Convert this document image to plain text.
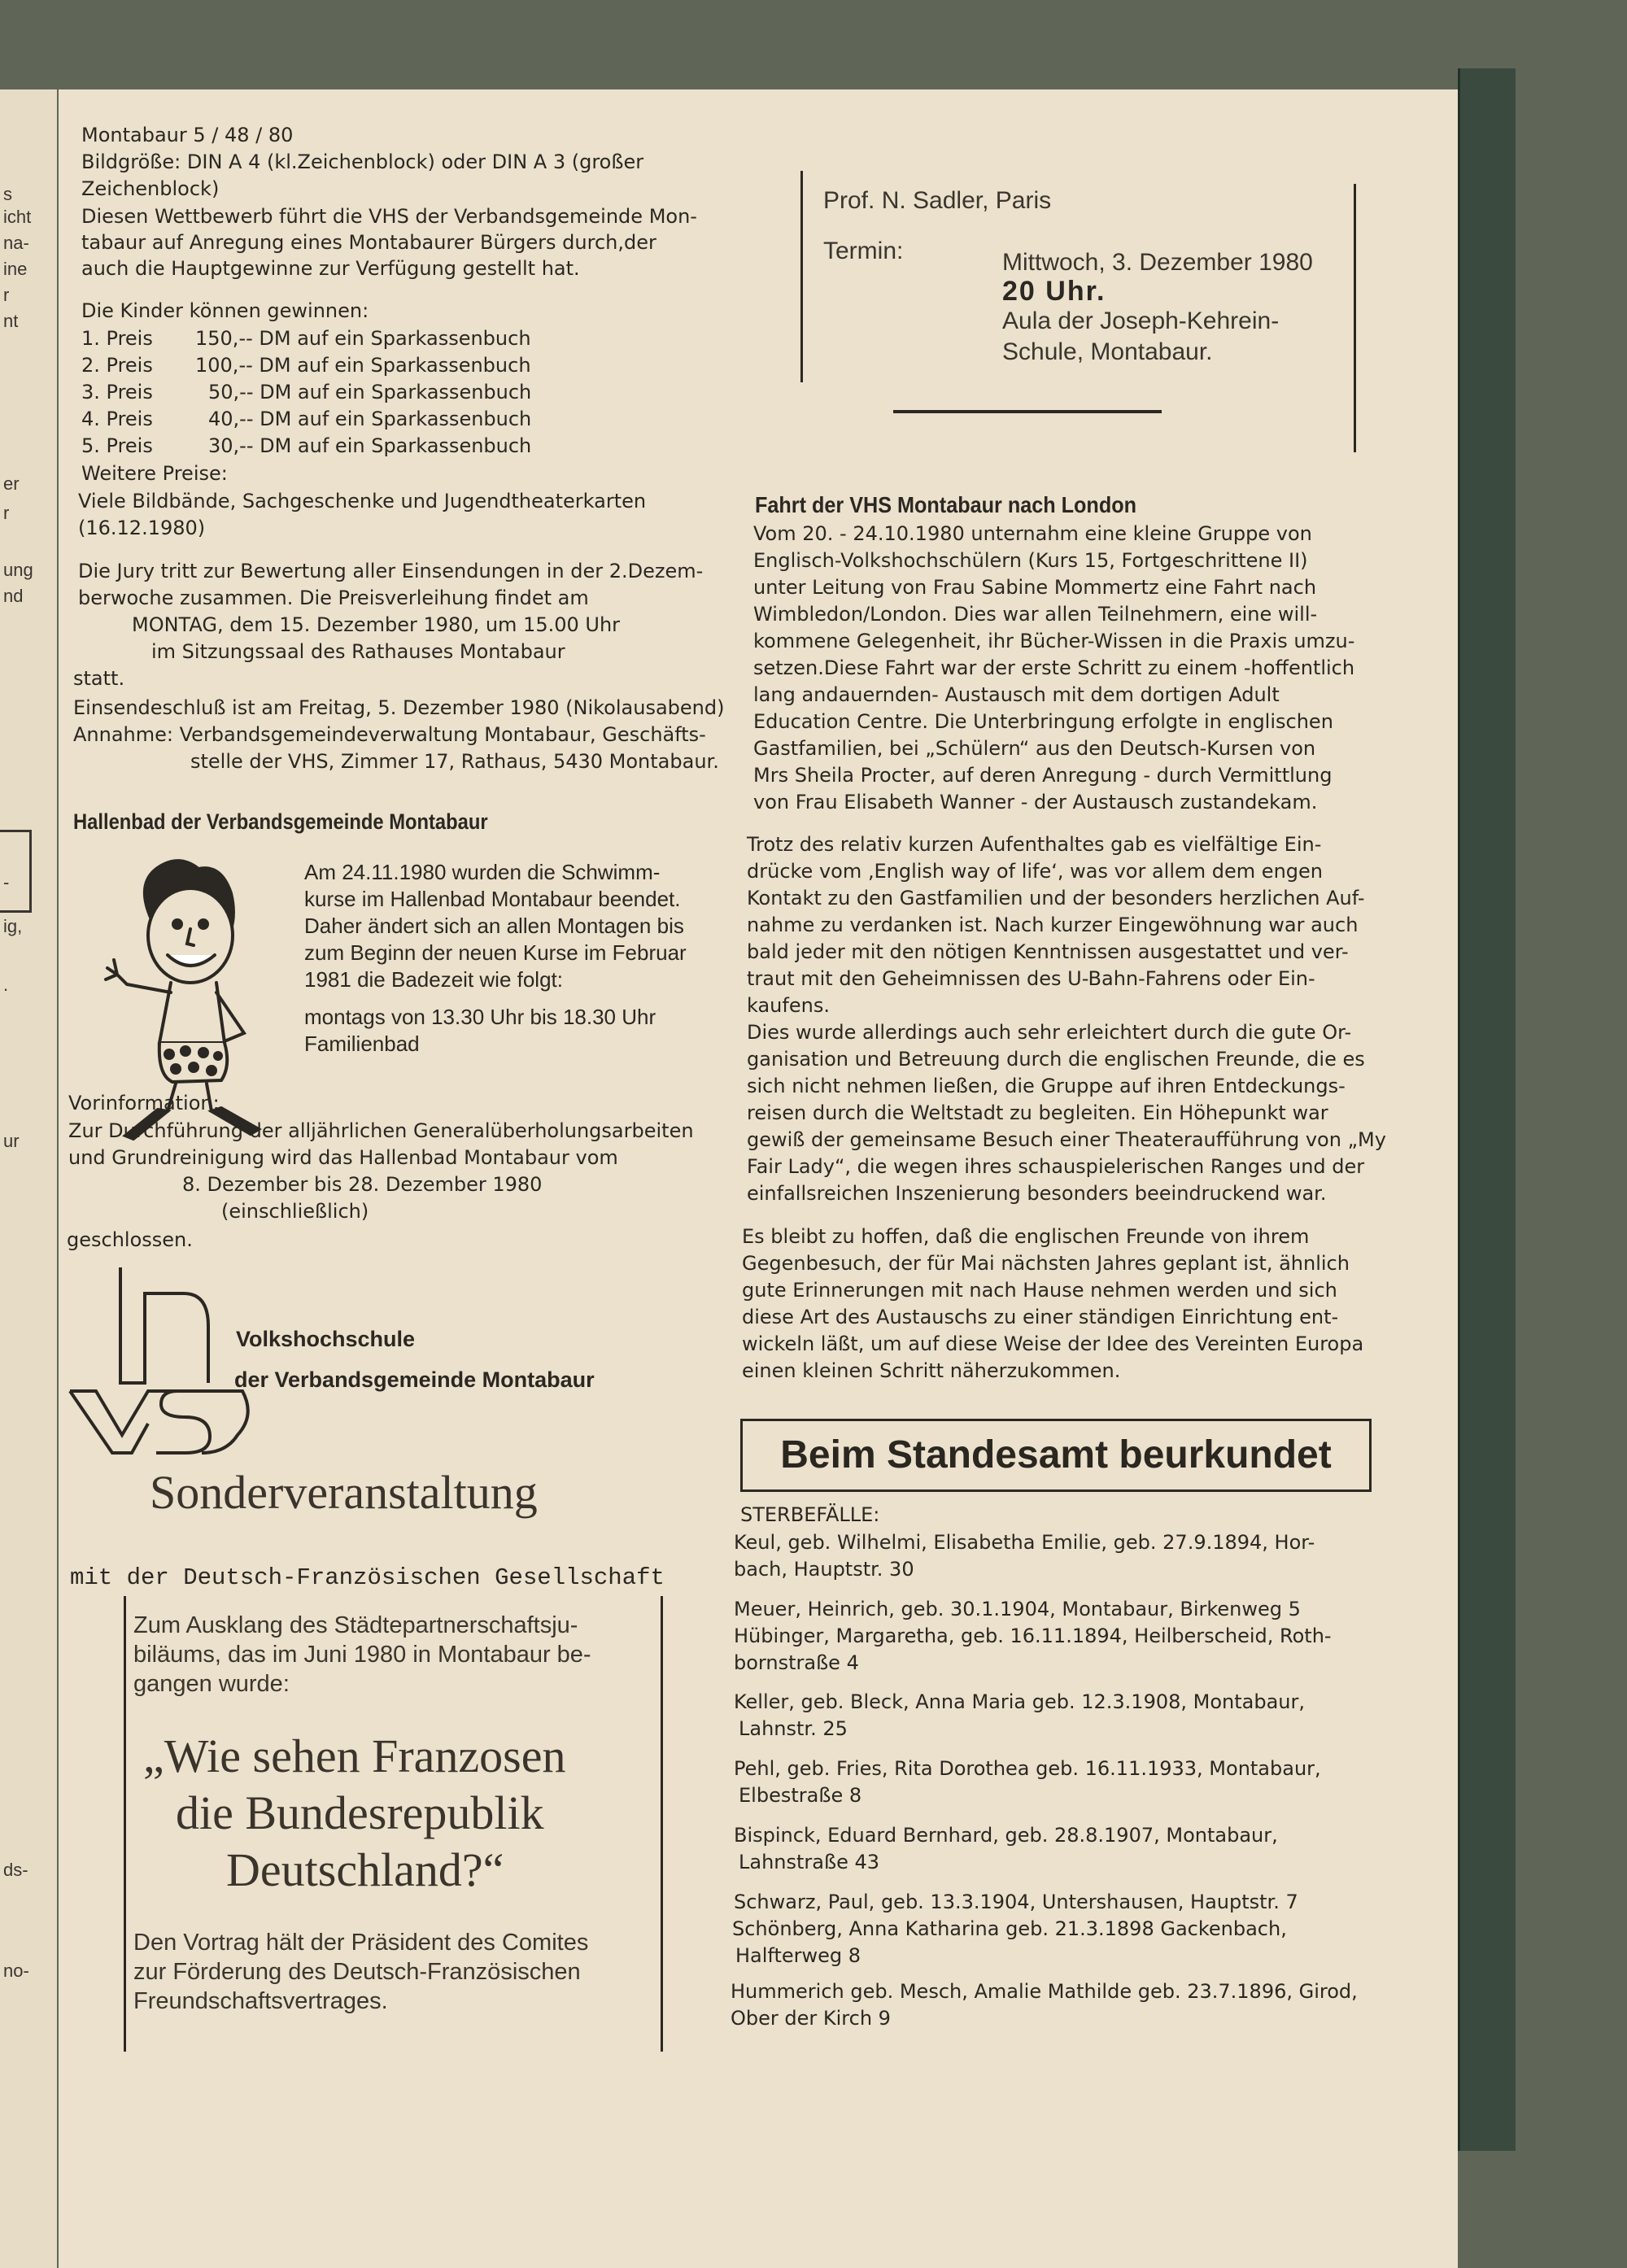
s
icht
na-
ine
r
nt
er
r
ung
nd
-
ig,
.
ur
ds-
no-
Montabaur 5 / 48 / 80
Bildgröße: DIN A 4 (kl.Zeichenblock) oder DIN A 3 (großer
Zeichenblock)
Diesen Wettbewerb führt die VHS der Verbandsgemeinde Mon-
tabaur auf Anregung eines Montabaurer Bürgers durch,der
auch die Hauptgewinne zur Verfügung gestellt hat.
Die Kinder können gewinnen:
1. Preis 150,-- DM auf ein Sparkassenbuch
2. Preis 100,-- DM auf ein Sparkassenbuch
3. Preis	50,-- DM auf ein Sparkassenbuch
4. Preis	40,-- DM auf ein Sparkassenbuch
5. Preis	30,-- DM auf ein Sparkassenbuch
Weitere Preise:
Viele Bildbände, Sachgeschenke und Jugendtheaterkarten
(16.12.1980)
Die Jury tritt zur Bewertung aller Einsendungen in der 2.Dezem-
berwoche zusammen. Die Preisverleihung findet am
MONTAG, dem 15. Dezember 1980, um 15.00 Uhr
im Sitzungssaal des Rathauses Montabaur
statt.
Einsendeschluß ist am Freitag, 5. Dezember 1980 (Nikolausabend)
Annahme: Verbandsgemeindeverwaltung Montabaur, Geschäfts-
stelle der VHS, Zimmer 17, Rathaus, 5430 Montabaur.
Hallenbad der Verbandsgemeinde Montabaur
Am 24.11.1980 wurden die Schwimm-
kurse im Hallenbad Montabaur beendet.
Daher ändert sich an allen Montagen bis
zum Beginn der neuen Kurse im Februar
1981 die Badezeit wie folgt:
montags von 13.30 Uhr bis 18.30 Uhr
Familienbad
Vorinformation:
Zur Durchführung der alljährlichen Generalüberholungsarbeiten
und Grundreinigung wird das Hallenbad Montabaur vom
8. Dezember bis 28. Dezember 1980
(einschließlich)
geschlossen.
Volkshochschule
der Verbandsgemeinde Montabaur
Sonderveranstaltung
mit der Deutsch-Französischen Gesellschaft
Zum Ausklang des Städtepartnerschaftsju-
biläums, das im Juni 1980 in Montabaur be-
gangen wurde:
„Wie sehen Franzosen
die Bundesrepublik
Deutschland?“
Den Vortrag hält der Präsident des Comites
zur Förderung des Deutsch-Französischen
Freundschaftsvertrages.
Prof. N. Sadler, Paris
Termin:	Mittwoch, 3. Dezember 1980
20 Uhr.
Aula der Joseph-Kehrein-
Schule, Montabaur.
Fahrt der VHS Montabaur nach London
Vom 20. - 24.10.1980 unternahm eine kleine Gruppe von
Englisch-Volkshochschülern (Kurs 15, Fortgeschrittene II)
unter Leitung von Frau Sabine Mommertz eine Fahrt nach
Wimbledon/London. Dies war allen Teilnehmern, eine will-
kommene Gelegenheit, ihr Bücher-Wissen in die Praxis umzu-
setzen.Diese Fahrt war der erste Schritt zu einem -hoffentlich
lang andauernden- Austausch mit dem dortigen Adult
Education Centre. Die Unterbringung erfolgte in englischen
Gastfamilien, bei „Schülern“ aus den Deutsch-Kursen von
Mrs Sheila Procter, auf deren Anregung - durch Vermittlung
von Frau Elisabeth Wanner - der Austausch zustandekam.
Trotz des relativ kurzen Aufenthaltes gab es vielfältige Ein-
drücke vom ‚English way of life‘, was vor allem dem engen
Kontakt zu den Gastfamilien und der besonders herzlichen Auf-
nahme zu verdanken ist. Nach kurzer Eingewöhnung war auch
bald jeder mit den nötigen Kenntnissen ausgestattet und ver-
traut mit den Geheimnissen des U-Bahn-Fahrens oder Ein-
kaufens.
Dies wurde allerdings auch sehr erleichtert durch die gute Or-
ganisation und Betreuung durch die englischen Freunde, die es
sich nicht nehmen ließen, die Gruppe auf ihren Entdeckungs-
reisen durch die Weltstadt zu begleiten. Ein Höhepunkt war
gewiß der gemeinsame Besuch einer Theateraufführung von „My
Fair Lady“, die wegen ihres schauspielerischen Ranges und der
einfallsreichen Inszenierung besonders beeindruckend war.
Es bleibt zu hoffen, daß die englischen Freunde von ihrem
Gegenbesuch, der für Mai nächsten Jahres geplant ist, ähnlich
gute Erinnerungen mit nach Hause nehmen werden und sich
diese Art des Austauschs zu einer ständigen Einrichtung ent-
wickeln läßt, um auf diese Weise der Idee des Vereinten Europa
einen kleinen Schritt näherzukommen.
Beim Standesamt beurkundet
STERBEFÄLLE:
Keul, geb. Wilhelmi, Elisabetha Emilie, geb. 27.9.1894, Hor-
bach, Hauptstr. 30
Meuer, Heinrich, geb. 30.1.1904, Montabaur, Birkenweg 5
Hübinger, Margaretha, geb. 16.11.1894, Heilberscheid, Roth-
bornstraße 4
Keller, geb. Bleck, Anna Maria geb. 12.3.1908, Montabaur,
Lahnstr. 25
Pehl, geb. Fries, Rita Dorothea geb. 16.11.1933, Montabaur,
Elbestraße 8
Bispinck, Eduard Bernhard, geb. 28.8.1907, Montabaur,
Lahnstraße 43
Schwarz, Paul, geb. 13.3.1904, Untershausen, Hauptstr. 7
Schönberg, Anna Katharina geb. 21.3.1898 Gackenbach,
Halfterweg 8
Hummerich geb. Mesch, Amalie Mathilde geb. 23.7.1896, Girod,
Ober der Kirch 9
